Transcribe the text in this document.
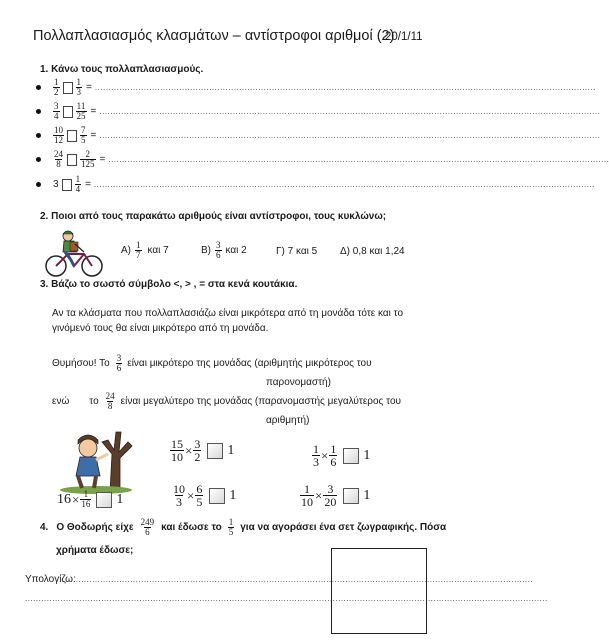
Πολλαπλασιασμός κλασμάτων – αντίστροφοι αριθμοί (2)
20/1/11
1. Κάνω τους πολλαπλασιασμούς.
$\frac{1}{2} \frac{1}{3}$ = ........................................................................................................................................................................................
$\frac{3}{4} \frac{11}{25}$ = ........................................................................................................................................................................................
$\frac{10}{12} \frac{7}{5}$ = ........................................................................................................................................................................................
$\frac{24}{8} \frac{2}{125}$ = ........................................................................................................................................................................................
$3 \frac{1}{4}$ = ........................................................................................................................................................................................
2. Ποιοι από τους παρακάτω αριθμούς είναι αντίστροφοι, τους κυκλώνω;
$A) \frac{1}{7}$ και 7	$B) \frac{3}{6}$ και 2	Γ) 7 και 5 Δ) 0,8 και 1,24
3. Βάζω το σωστό σύμβολο <, > , = στα κενά κουτάκια.
Αν τα κλάσματα που πολλαπλασιάζω είναι μικρότερα από τη μονάδα τότε και το
γινόμενό τους θα είναι μικρότερο από τη μονάδα.
Θυμήσου! Το $\frac{3}{6}$ είναι μικρότερο της μονάδας (αριθμητής μικρότερος του
παρονομαστή)
ενώ το $\frac{24}{8}$ είναι μεγαλύτερο της μονάδας (παρανομαστής μεγαλύτερος του
αριθμητή)
$\frac{15}{10} \times \frac{3}{2} 1$	$\frac{1}{3} \times \frac{1}{6} 1$
$\frac{10}{3} \times \frac{6}{5} 1$	$\frac{1}{10} \times \frac{3}{20} 1$
$16 \times \frac{1}{16} 1$
4. Ο Θοδωρής είχε $\frac{249}{6}$ και έδωσε το $\frac{1}{5}$ για να αγοράσει ένα σετ ζωγραφικής. Πόσα
χρήματα έδωσε;
Υπολογίζω: ........................................................................................................................................................................
................................................................................................................................................................................................
